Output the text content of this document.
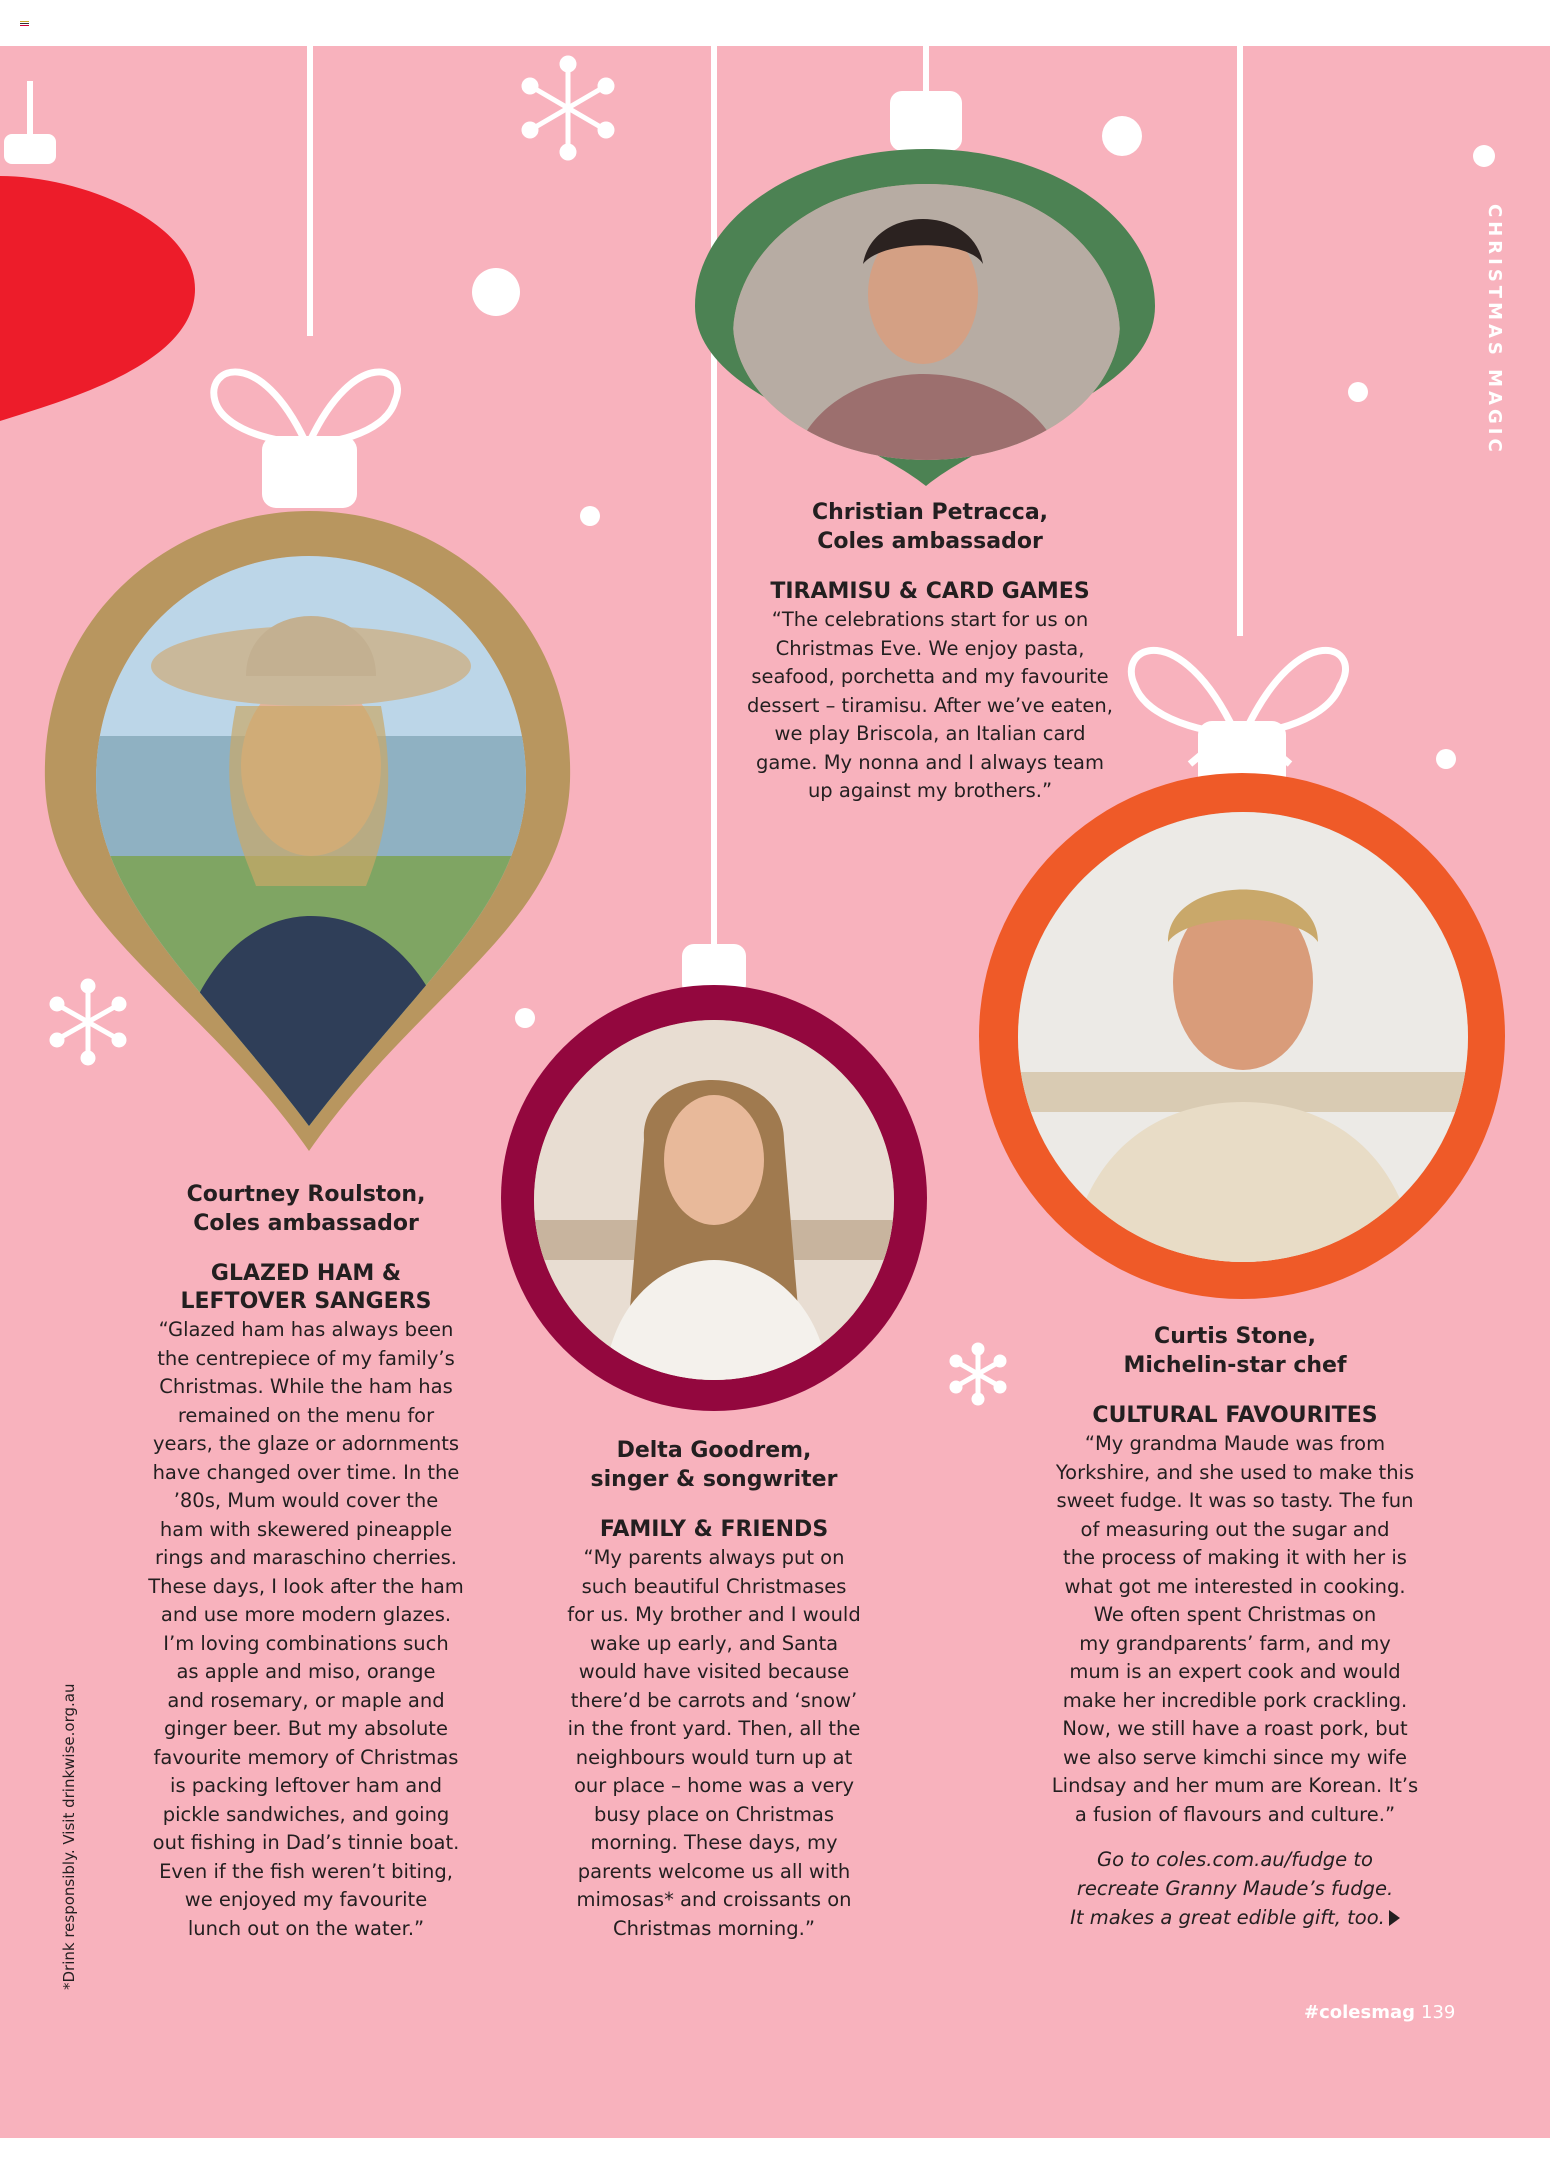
Christian Petracca,
Coles ambassador

TIRAMISU & CARD GAMES

“The celebrations start for us on
Christmas Eve. We enjoy pasta,
seafood, porchetta and my favourite
dessert – tiramisu. After we’ve eaten,
we play Briscola, an Italian card
game. My nonna and I always team
up against my brothers.”

Courtney Roulston,
Coles ambassador

GLAZED HAM &
LEFTOVER SANGERS

“Glazed ham has always been
the centrepiece of my family’s
Christmas. While the ham has
remained on the menu for
years, the glaze or adornments
have changed over time. In the
’80s, Mum would cover the
ham with skewered pineapple
rings and maraschino cherries.
These days, I look after the ham
and use more modern glazes.
I’m loving combinations such
as apple and miso, orange
and rosemary, or maple and
ginger beer. But my absolute
favourite memory of Christmas
is packing leftover ham and
pickle sandwiches, and going
out fishing in Dad’s tinnie boat.
Even if the fish weren’t biting,
we enjoyed my favourite
lunch out on the water.”

Delta Goodrem,
singer & songwriter

FAMILY & FRIENDS

“My parents always put on
such beautiful Christmases
for us. My brother and I would
wake up early, and Santa
would have visited because
there’d be carrots and ‘snow’
in the front yard. Then, all the
neighbours would turn up at
our place – home was a very
busy place on Christmas
morning. These days, my
parents welcome us all with
mimosas* and croissants on
Christmas morning.”

Curtis Stone,
Michelin-star chef

CULTURAL FAVOURITES

“My grandma Maude was from
Yorkshire, and she used to make this
sweet fudge. It was so tasty. The fun
of measuring out the sugar and
the process of making it with her is
what got me interested in cooking.
We often spent Christmas on
my grandparents’ farm, and my
mum is an expert cook and would
make her incredible pork crackling.
Now, we still have a roast pork, but
we also serve kimchi since my wife
Lindsay and her mum are Korean. It’s
a fusion of flavours and culture.”

Go to coles.com.au/fudge to
recreate Granny Maude’s fudge.
It makes a great edible gift, too.

CHRISTMAS MAGIC
*Drink responsibly. Visit drinkwise.org.au
#colesmag 139
